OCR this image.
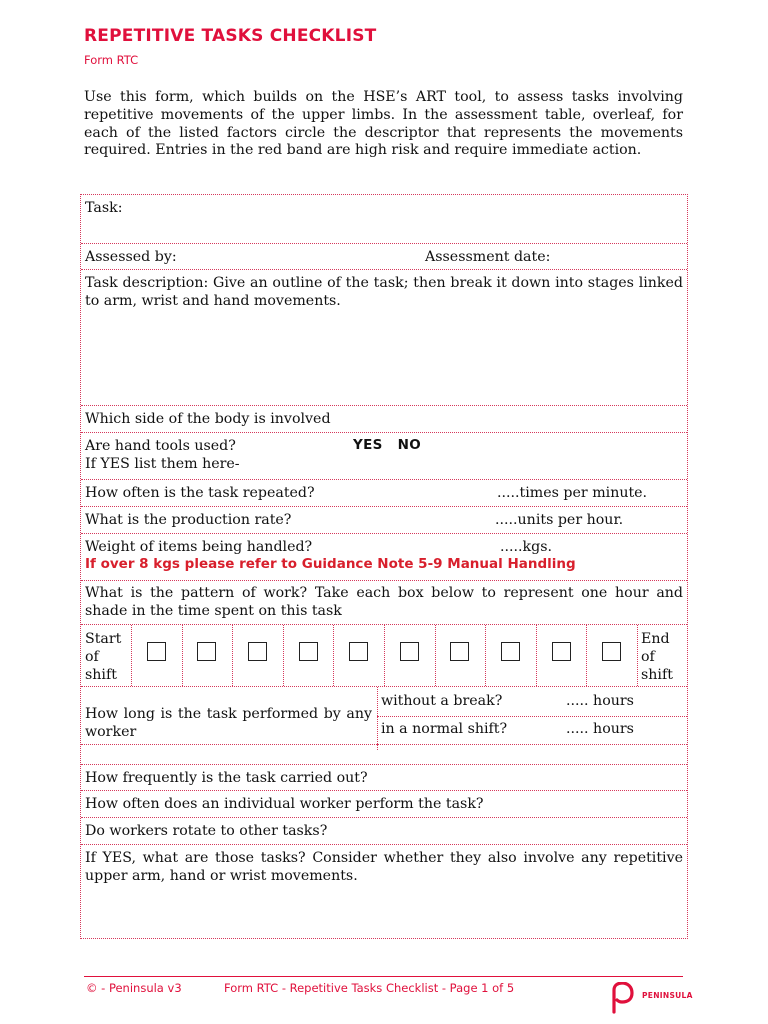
REPETITIVE TASKS CHECKLIST
Form RTC

Use this form, which builds on the HSE’s ART tool, to assess tasks involving repetitive movements of the upper limbs. In the assessment table, overleaf, for each of the listed factors circle the descriptor that represents the movements required. Entries in the red band are high risk and require immediate action.

Task:
Assessed by:	Assessment date:

Task description: Give an outline of the task; then break it down into stages linked to arm, wrist and hand movements.

Which side of the body is involved
Are hand tools used?	YES   NO
If YES list them here-
How often is the task repeated?	.....times per minute.
What is the production rate?	.....units per hour.
Weight of items being handled?	.....kgs.
If over 8 kgs please refer to Guidance Note 5-9 Manual Handling

What is the pattern of work? Take each box below to represent one hour and shade in the time spent on this task

Start of shift
End of shift

How long is the task performed by any worker

without a break?	..... hours
in a normal shift?	..... hours
How frequently is the task carried out?
How often does an individual worker perform the task?
Do workers rotate to other tasks?

If YES, what are those tasks? Consider whether they also involve any repetitive upper arm, hand or wrist movements.

© - Peninsula v3	Form RTC - Repetitive Tasks Checklist - Page 1 of 5
PENINSULA
